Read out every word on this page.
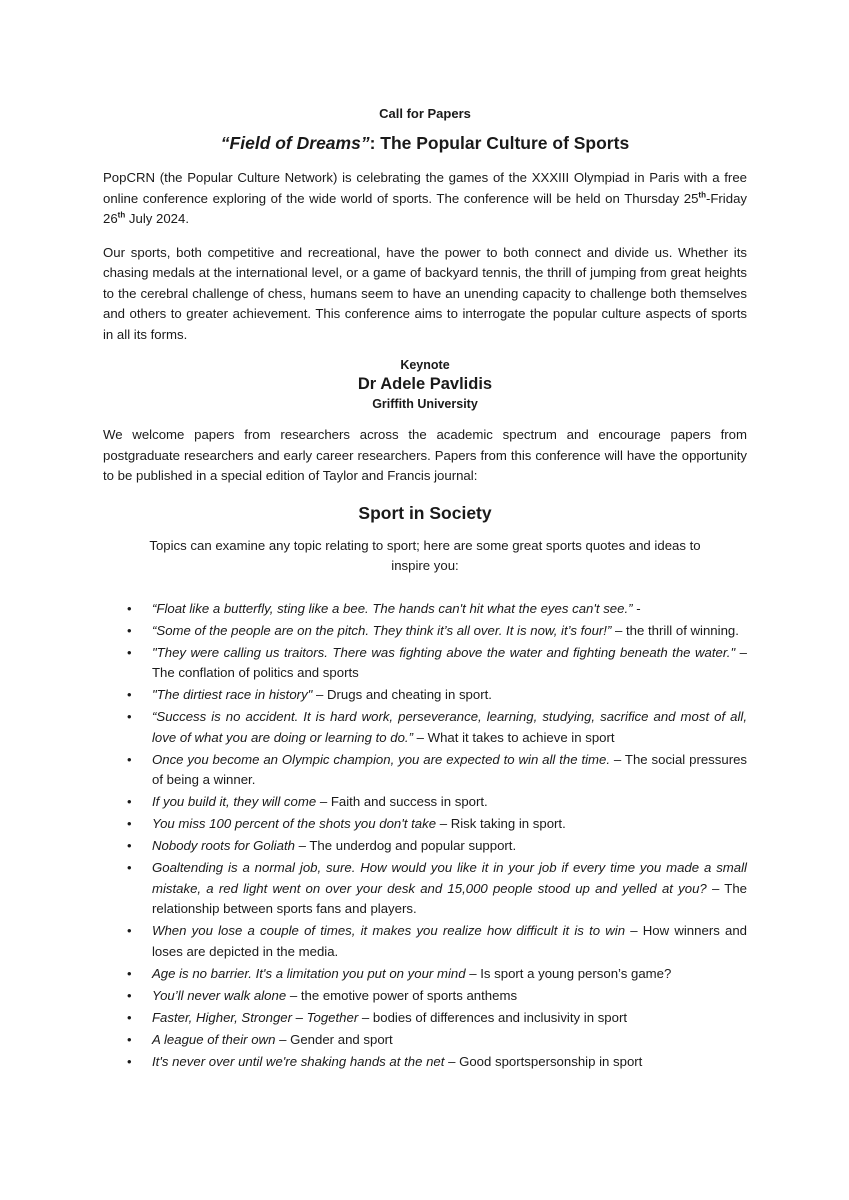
Call for Papers
“Field of Dreams”: The Popular Culture of Sports

PopCRN (the Popular Culture Network) is celebrating the games of the XXXIII Olympiad in Paris with a free online conference exploring of the wide world of sports. The conference will be held on Thursday 25th-Friday 26th July 2024.

Our sports, both competitive and recreational, have the power to both connect and divide us. Whether its chasing medals at the international level, or a game of backyard tennis, the thrill of jumping from great heights to the cerebral challenge of chess, humans seem to have an unending capacity to challenge both themselves and others to greater achievement. This conference aims to interrogate the popular culture aspects of sports in all its forms.

Keynote
Dr Adele Pavlidis
Griffith University

We welcome papers from researchers across the academic spectrum and encourage papers from postgraduate researchers and early career researchers. Papers from this conference will have the opportunity to be published in a special edition of Taylor and Francis journal:

Sport in Society
Topics can examine any topic relating to sport; here are some great sports quotes and ideas to inspire you:
• “Float like a butterfly, sting like a bee. The hands can't hit what the eyes can't see.” -
• “Some of the people are on the pitch. They think it’s all over. It is now, it’s four!” – the thrill of winning.
• "They were calling us traitors. There was fighting above the water and fighting beneath the water." – The conflation of politics and sports
• "The dirtiest race in history" – Drugs and cheating in sport.
• “Success is no accident. It is hard work, perseverance, learning, studying, sacrifice and most of all, love of what you are doing or learning to do.” – What it takes to achieve in sport
• Once you become an Olympic champion, you are expected to win all the time. – The social pressures of being a winner.
• If you build it, they will come – Faith and success in sport.
• You miss 100 percent of the shots you don't take – Risk taking in sport.
• Nobody roots for Goliath – The underdog and popular support.
• Goaltending is a normal job, sure. How would you like it in your job if every time you made a small mistake, a red light went on over your desk and 15,000 people stood up and yelled at you? – The relationship between sports fans and players.
• When you lose a couple of times, it makes you realize how difficult it is to win – How winners and loses are depicted in the media.
• Age is no barrier. It's a limitation you put on your mind – Is sport a young person’s game?
• You’ll never walk alone – the emotive power of sports anthems
• Faster, Higher, Stronger – Together – bodies of differences and inclusivity in sport
• A league of their own – Gender and sport
• It's never over until we're shaking hands at the net – Good sportspersonship in sport
